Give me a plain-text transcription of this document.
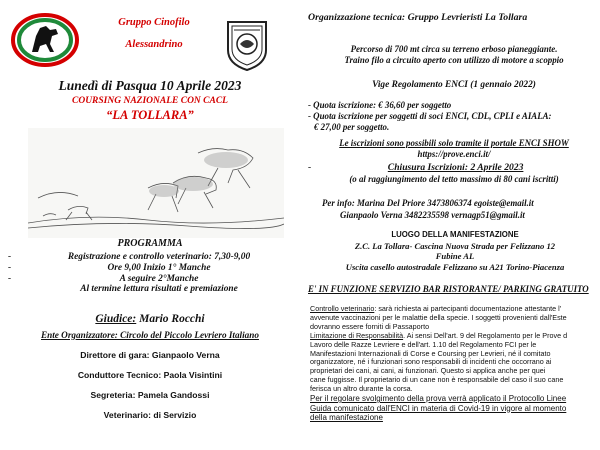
Gruppo Cinofilo
Alessandrino
Lunedì di Pasqua 10 Aprile 2023
COURSING NAZIONALE CON CACL
“LA TOLLARA”
PROGRAMMA
-	Registrazione e controllo veterinario: 7,30-9,00
-	Ore 9,00 Inizio 1° Manche
-	A seguire 2°Manche
Al termine lettura risultati e premiazione
Giudice: Mario Rocchi
Ente Organizzatore: Circolo del Piccolo Levriero Italiano
Direttore di gara: Gianpaolo Verna
Conduttore Tecnico: Paola Visintini
Segreteria: Pamela Gandossi
Veterinario: di Servizio
Organizzazione tecnica: Gruppo Levrieristi La Tollara
Percorso di 700 mt circa su terreno erboso pianeggiante.
Traino filo a circuito aperto con utilizzo di motore a scoppio
Vige Regolamento ENCI (1 gennaio 2022)
- Quota iscrizione: € 36,60 per soggetto
- Quota iscrizione per soggetti di soci ENCI, CDL, CPLI e AIALA:
€ 27,00 per soggetto.
Le iscrizioni sono possibili solo tramite il portale ENCI SHOW
https://prove.enci.it/
-	Chiusura Iscrizioni: 2 Aprile 2023
(o al raggiungimento del tetto massimo di 80 cani iscritti)
Per info: Marina Del Priore 3473806374 egoiste@email.it
Gianpaolo Verna 3482235598 vernagp51@gmail.it
LUOGO DELLA MANIFESTAZIONE
Z.C. La Tollara- Cascina Nuova Strada per Felizzano 12
Fubine AL
Uscita casello autostradale Felizzano su A21 Torino-Piacenza
E' IN FUNZIONE SERVIZIO BAR RISTORANTE/ PARKING GRATUITO
Controllo veterinario: sarà richiesta ai partecipanti documentazione attestante l'
avvenute vaccinazioni per le malattie della specie. I soggetti provenienti dall'Este
dovranno essere forniti di Passaporto
Limitazione di Responsabilità. Ai sensi Dell'art. 9 del Regolamento per le Prove d
Lavoro delle Razze Levriere e dell'art. 1.10 del Regolamento FCI per le
Manifestazioni Internazionali di Corse e Coursing per Levrieri, né il comitato
organizzatore, né i funzionari sono responsabili di incidenti che occorrano ai
proprietari dei cani, ai cani, ai funzionari. Questo si applica anche per quei
cane fuggisse. Il proprietario di un cane non è responsabile del caso il suo cane
ferisca un altro durante la corsa.
Per il regolare svolgimento della prova verrà applicato il Protocollo Linee
Guida comunicato dall'ENCI in materia di Covid-19 in vigore al momento
della manifestazione
